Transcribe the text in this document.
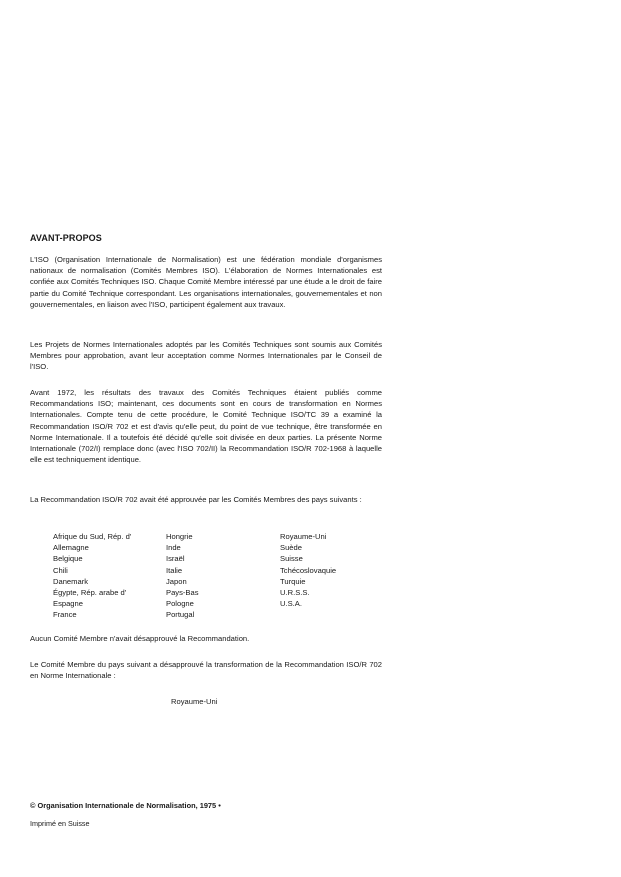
AVANT-PROPOS

L'ISO (Organisation Internationale de Normalisation) est une fédération mondiale d'organismes nationaux de normalisation (Comités Membres ISO). L'élaboration de Normes Internationales est confiée aux Comités Techniques ISO. Chaque Comité Membre intéressé par une étude a le droit de faire partie du Comité Technique correspondant. Les organisations internationales, gouvernementales et non gouvernementales, en liaison avec l'ISO, participent également aux travaux.

Les Projets de Normes Internationales adoptés par les Comités Techniques sont soumis aux Comités Membres pour approbation, avant leur acceptation comme Normes Internationales par le Conseil de l'ISO.

Avant 1972, les résultats des travaux des Comités Techniques étaient publiés comme Recommandations ISO; maintenant, ces documents sont en cours de transformation en Normes Internationales. Compte tenu de cette procédure, le Comité Technique ISO/TC 39 a examiné la Recommandation ISO/R 702 et est d'avis qu'elle peut, du point de vue technique, être transformée en Norme Internationale. Il a toutefois été décidé qu'elle soit divisée en deux parties. La présente Norme Internationale (702/I) remplace donc (avec l'ISO 702/II) la Recommandation ISO/R 702-1968 à laquelle elle est techniquement identique.

La Recommandation ISO/R 702 avait été approuvée par les Comités Membres des pays suivants :

Afrique du Sud, Rép. d'
Allemagne
Belgique
Chili
Danemark
Égypte, Rép. arabe d'
Espagne
France
Hongrie
Inde
Israël
Italie
Japon
Pays-Bas
Pologne
Portugal
Royaume-Uni
Suède
Suisse
Tchécoslovaquie
Turquie
U.R.S.S.
U.S.A.

Aucun Comité Membre n'avait désapprouvé la Recommandation.

Le Comité Membre du pays suivant a désapprouvé la transformation de la Recommandation ISO/R 702 en Norme Internationale :

Royaume-Uni
© Organisation Internationale de Normalisation, 1975 •
Imprimé en Suisse
